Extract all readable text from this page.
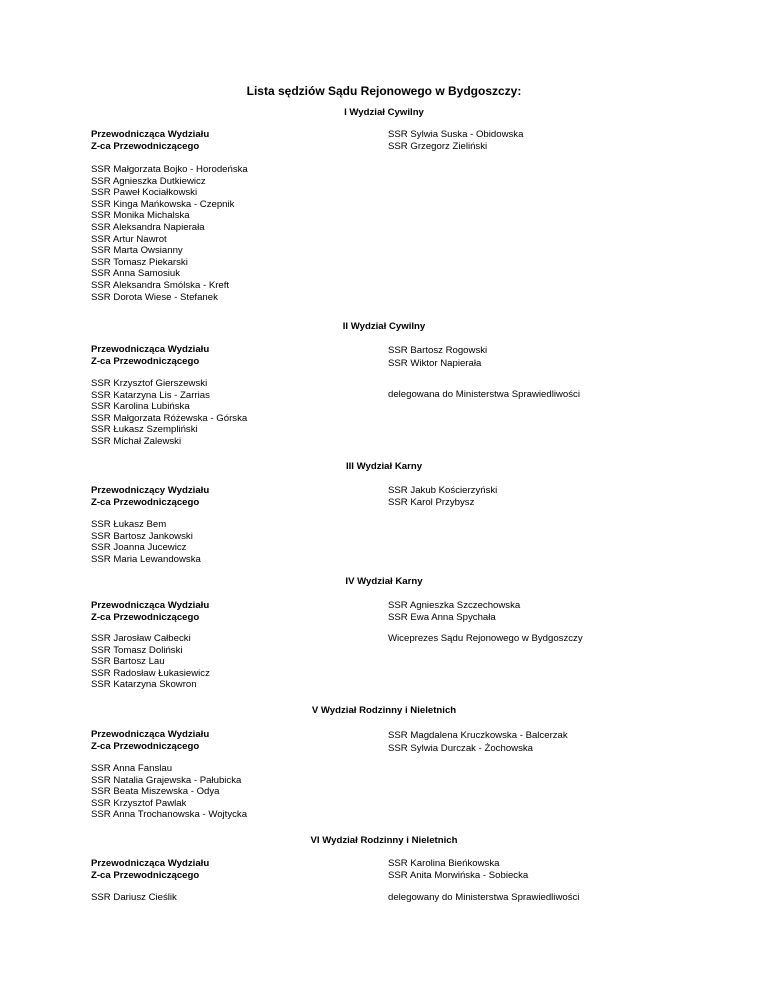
Lista sędziów Sądu Rejonowego w Bydgoszczy:
I Wydział Cywilny
Przewodnicząca Wydziału
Z-ca Przewodniczącego
SSR Sylwia Suska - Obidowska
SSR Grzegorz Zieliński
SSR Małgorzata Bojko - Horodeńska
SSR Agnieszka Dutkiewicz
SSR Paweł Kociałkowski
SSR Kinga Mańkowska - Czepnik
SSR Monika Michalska
SSR Aleksandra Napierała
SSR Artur Nawrot
SSR Marta Owsianny
SSR Tomasz Piekarski
SSR Anna Samosiuk
SSR Aleksandra Smólska - Kreft
SSR Dorota Wiese - Stefanek
II Wydział Cywilny
Przewodnicząca Wydziału
Z-ca Przewodniczącego
SSR Bartosz Rogowski
SSR Wiktor Napierała
SSR Krzysztof Gierszewski
SSR Katarzyna Lis - Zarrias
SSR Karolina Lubińska
SSR Małgorzata Różewska - Górska
SSR Łukasz Szempliński
SSR Michał Zalewski
delegowana do Ministerstwa Sprawiedliwości
III Wydział Karny
Przewodniczący Wydziału
Z-ca Przewodniczącego
SSR Jakub Kościerzyński
SSR Karol Przybysz
SSR Łukasz Bem
SSR Bartosz Jankowski
SSR Joanna Jucewicz
SSR Maria Lewandowska
IV Wydział Karny
Przewodnicząca Wydziału
Z-ca Przewodniczącego
SSR Agnieszka Szczechowska
SSR Ewa Anna Spychała
SSR Jarosław Całbecki
SSR Tomasz Doliński
SSR Bartosz Lau
SSR Radosław Łukasiewicz
SSR Katarzyna Skowron
Wiceprezes Sądu Rejonowego w Bydgoszczy
V Wydział Rodzinny i Nieletnich
Przewodnicząca Wydziału
Z-ca Przewodniczącego
SSR Magdalena Kruczkowska - Balcerzak
SSR Sylwia Durczak - Żochowska
SSR Anna Fanslau
SSR Natalia Grajewska - Pałubicka
SSR Beata Miszewska - Odya
SSR Krzysztof Pawlak
SSR Anna Trochanowska - Wojtycka
VI Wydział Rodzinny i Nieletnich
Przewodnicząca Wydziału
Z-ca Przewodniczącego
SSR Karolina Bieńkowska
SSR Anita Morwińska - Sobiecka
SSR Dariusz Cieślik	delegowany do Ministerstwa Sprawiedliwości
